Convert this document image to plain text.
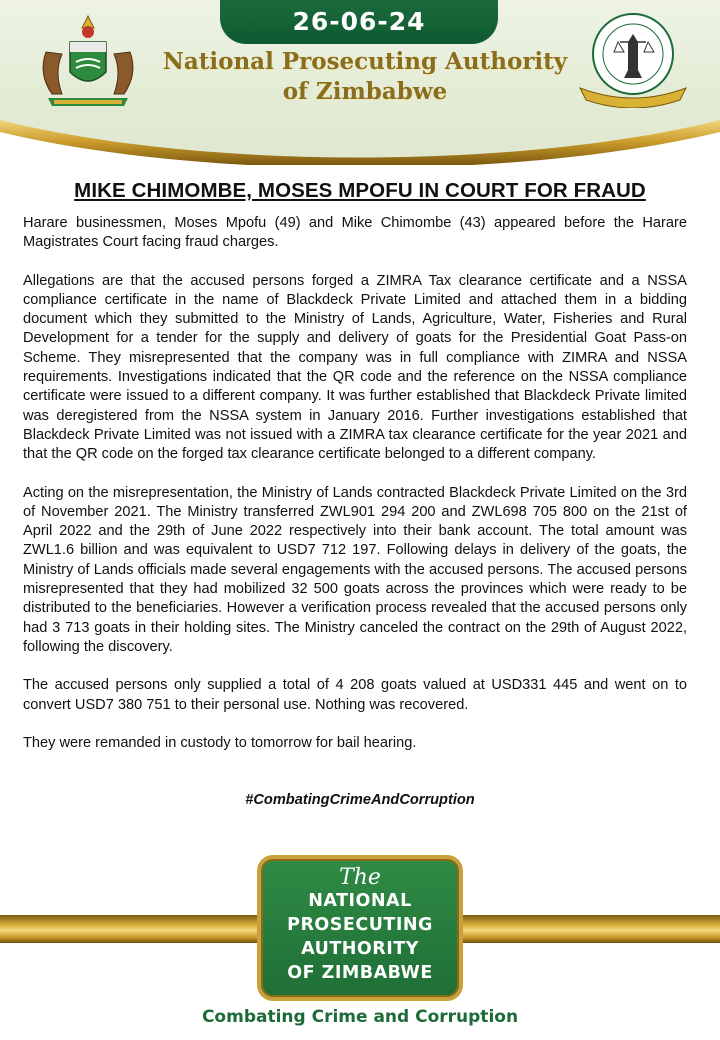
26-06-24
National Prosecuting Authority
of Zimbabwe
MIKE CHIMOMBE, MOSES MPOFU IN COURT FOR FRAUD

Harare businessmen, Moses Mpofu (49) and Mike Chimombe (43) appeared before the Harare Magistrates Court facing fraud charges.

Allegations are that the accused persons forged a ZIMRA Tax clearance certificate and a NSSA compliance certificate in the name of Blackdeck Private Limited and attached them in a bidding document which they submitted to the Ministry of Lands, Agriculture, Water, Fisheries and Rural Development for a tender for the supply and delivery of goats for the Presidential Goat Pass-on Scheme. They misrepresented that the company was in full compliance with ZIMRA and NSSA requirements. Investigations indicated that the QR code and the reference on the NSSA compliance certificate were issued to a different company. It was further established that Blackdeck Private limited was deregistered from the NSSA system in January 2016. Further investigations established that Blackdeck Private Limited was not issued with a ZIMRA tax clearance certificate for the year 2021 and that the QR code on the forged tax clearance certificate belonged to a different company.

Acting on the misrepresentation, the Ministry of Lands contracted Blackdeck Private Limited on the 3rd of November 2021. The Ministry transferred ZWL901 294 200 and ZWL698 705 800 on the 21st of April 2022 and the 29th of June 2022 respectively into their bank account. The total amount was ZWL1.6 billion and was equivalent to USD7 712 197. Following delays in delivery of the goats, the Ministry of Lands officials made several engagements with the accused persons. The accused persons misrepresented that they had mobilized 32 500 goats across the provinces which were ready to be distributed to the beneficiaries. However a verification process revealed that the accused persons only had 3 713 goats in their holding sites. The Ministry canceled the contract on the 29th of August 2022, following the discovery.

The accused persons only supplied a total of 4 208 goats valued at USD331 445 and went on to convert USD7 380 751 to their personal use. Nothing was recovered.

They were remanded in custody to tomorrow for bail hearing.

#CombatingCrimeAndCorruption
The
NATIONAL
PROSECUTING
AUTHORITY
OF ZIMBABWE
Combating Crime and Corruption
